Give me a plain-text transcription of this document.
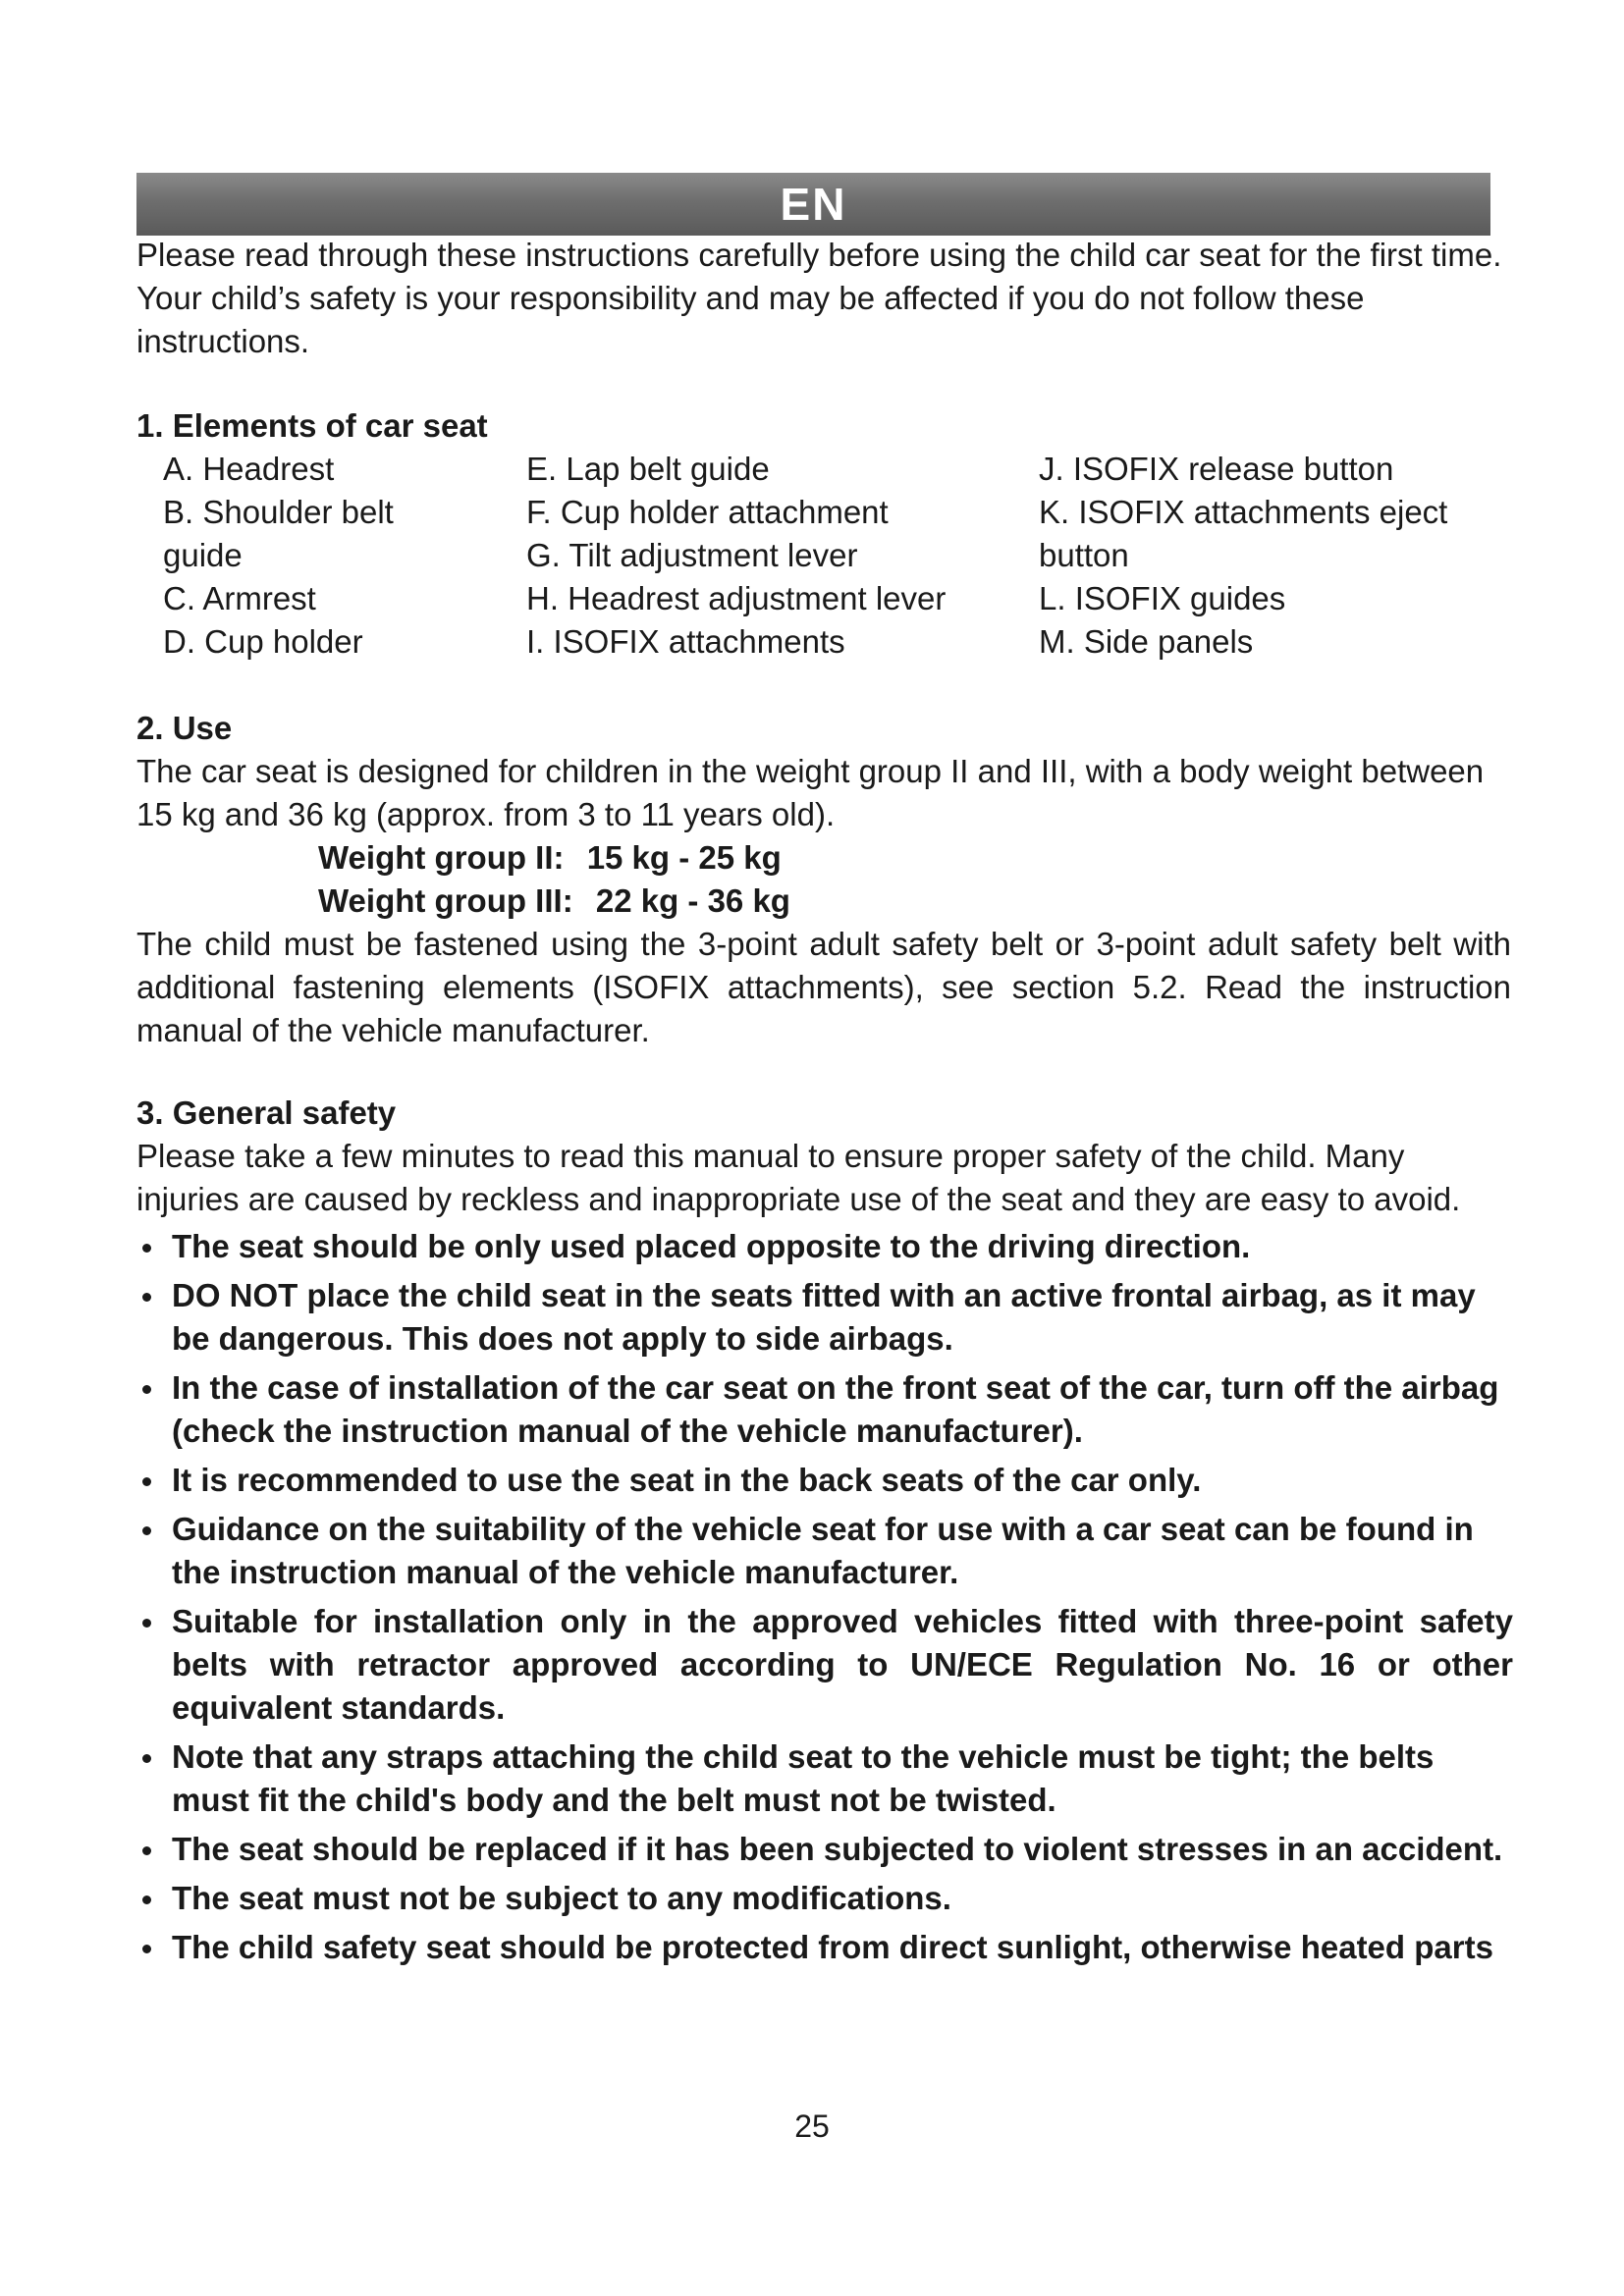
EN

Please read through these instructions carefully before using the child car seat for the first time. Your child’s safety is your responsibility and may be affected if you do not follow these instructions.

1. Elements of car seat

A. Headrest
B. Shoulder belt guide
C. Armrest
D. Cup holder
E. Lap belt guide
F. Cup holder attachment
G. Tilt adjustment lever
H. Headrest adjustment lever
I. ISOFIX attachments
J. ISOFIX release button
K. ISOFIX attachments eject button
L. ISOFIX guides
M. Side panels

2. Use

The car seat is designed for children in the weight group II and III, with a body weight between 15 kg and 36 kg (approx. from 3 to 11 years old).

Weight group II: 15 kg - 25 kg
Weight group III: 22 kg - 36 kg

The child must be fastened using the 3-point adult safety belt or 3-point adult safety belt with additional fastening elements (ISOFIX attachments), see section 5.2. Read the instruction manual of the vehicle manufacturer.

3. General safety

Please take a few minutes to read this manual to ensure proper safety of the child. Many injuries are caused by reckless and inappropriate use of the seat and they are easy to avoid.

The seat should be only used placed opposite to the driving direction.
DO NOT place the child seat in the seats fitted with an active frontal airbag, as it may be dangerous. This does not apply to side airbags.
In the case of installation of the car seat on the front seat of the car, turn off the airbag (check the instruction manual of the vehicle manufacturer).
It is recommended to use the seat in the back seats of the car only.
Guidance on the suitability of the vehicle seat for use with a car seat can be found in the instruction manual of the vehicle manufacturer.
Suitable for installation only in the approved vehicles fitted with three-point safety belts with retractor approved according to UN/ECE Regulation No. 16 or other equivalent standards.
Note that any straps attaching the child seat to the vehicle must be tight; the belts must fit the child's body and the belt must not be twisted.
The seat should be replaced if it has been subjected to violent stresses in an accident.
The seat must not be subject to any modifications.
The child safety seat should be protected from direct sunlight, otherwise heated parts
25
